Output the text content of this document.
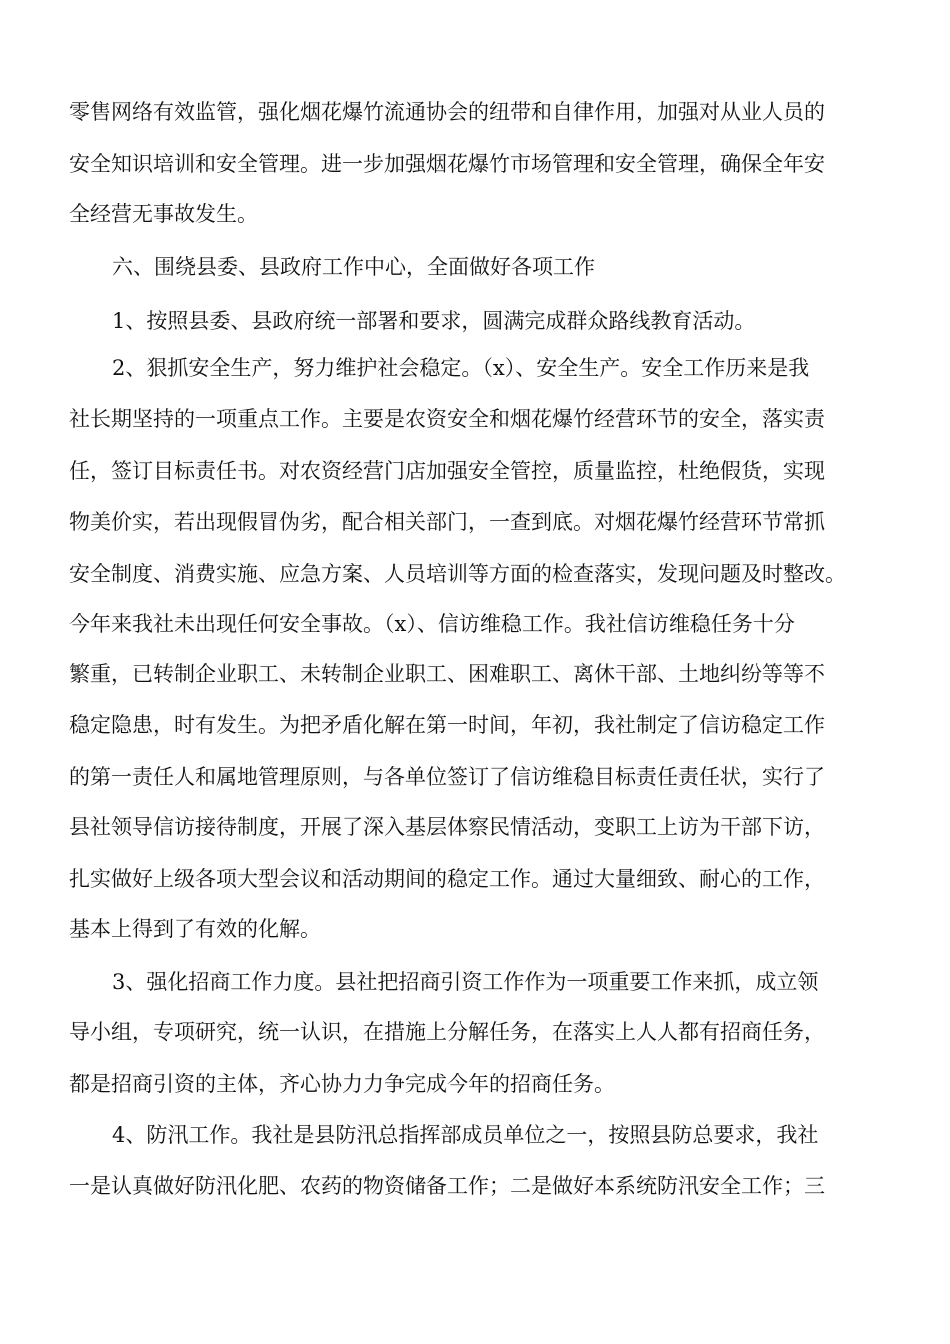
零售网络有效监管，强化烟花爆竹流通协会的纽带和自律作用，加强对从业人员的
安全知识培训和安全管理。进一步加强烟花爆竹市场管理和安全管理，确保全年安
全经营无事故发生。
六、围绕县委、县政府工作中心，全面做好各项工作
1、按照县委、县政府统一部署和要求，圆满完成群众路线教育活动。
2、狠抓安全生产，努力维护社会稳定。（x）、安全生产。安全工作历来是我
社长期坚持的一项重点工作。主要是农资安全和烟花爆竹经营环节的安全，落实责
任，签订目标责任书。对农资经营门店加强安全管控，质量监控，杜绝假货，实现
物美价实，若出现假冒伪劣，配合相关部门，一查到底。对烟花爆竹经营环节常抓
安全制度、消费实施、应急方案、人员培训等方面的检查落实，发现问题及时整改。
今年来我社未出现任何安全事故。（x）、信访维稳工作。我社信访维稳任务十分
繁重，已转制企业职工、未转制企业职工、困难职工、离休干部、土地纠纷等等不
稳定隐患，时有发生。为把矛盾化解在第一时间，年初，我社制定了信访稳定工作
的第一责任人和属地管理原则，与各单位签订了信访维稳目标责任责任状，实行了
县社领导信访接待制度，开展了深入基层体察民情活动，变职工上访为干部下访，
扎实做好上级各项大型会议和活动期间的稳定工作。通过大量细致、耐心的工作，
基本上得到了有效的化解。
3、强化招商工作力度。县社把招商引资工作作为一项重要工作来抓，成立领
导小组，专项研究，统一认识，在措施上分解任务，在落实上人人都有招商任务，
都是招商引资的主体，齐心协力力争完成今年的招商任务。
4、防汛工作。我社是县防汛总指挥部成员单位之一，按照县防总要求，我社
一是认真做好防汛化肥、农药的物资储备工作；二是做好本系统防汛安全工作；三
